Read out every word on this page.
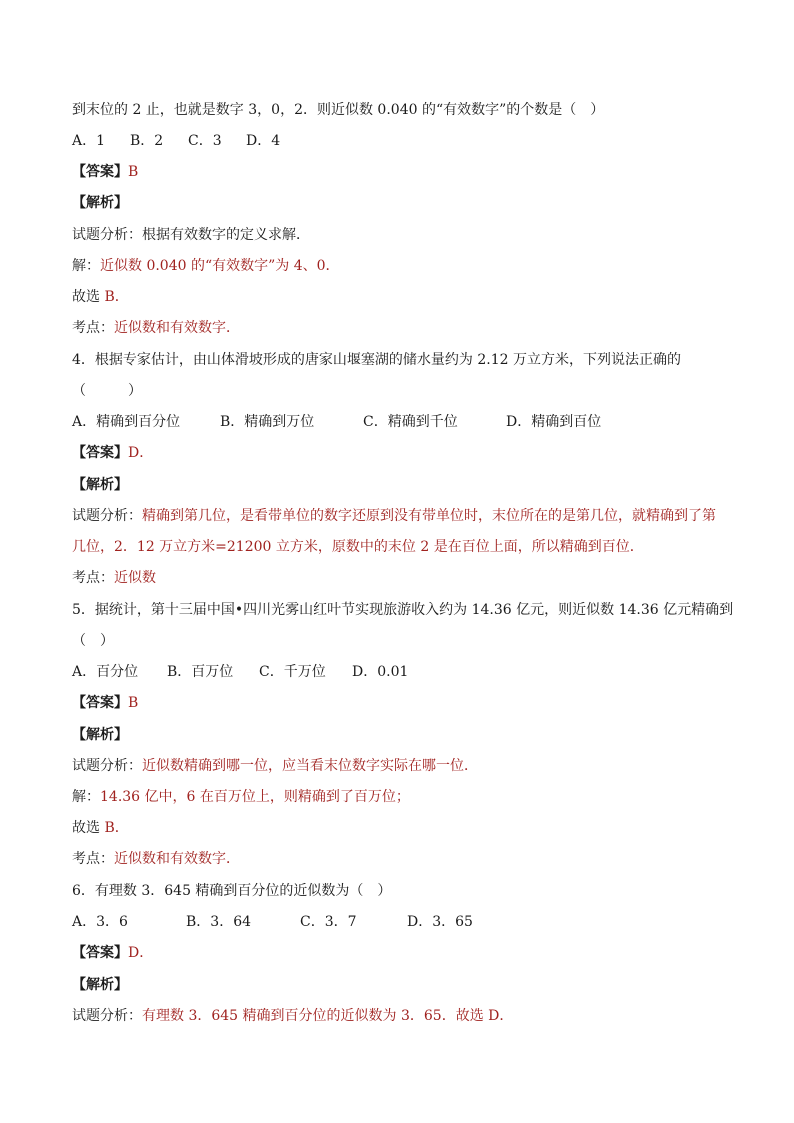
到末位的 2 止，也就是数字 3，0，2．则近似数 0.040 的“有效数字”的个数是（　）
A．1	B．2	C．3	D．4
【答案】B
【解析】
试题分析：根据有效数字的定义求解．
解：近似数 0.040 的“有效数字”为 4、0．
故选 B．
考点：近似数和有效数字．
4．根据专家估计，由山体滑坡形成的唐家山堰塞湖的储水量约为 2.12 万立方米，下列说法正确的
（　　　）
A．精确到百分位	B．精确到万位	C．精确到千位	D．精确到百位
【答案】D．
【解析】
试题分析：精确到第几位，是看带单位的数字还原到没有带单位时，末位所在的是第几位，就精确到了第
几位，2．12 万立方米=21200 立方米，原数中的末位 2 是在百位上面，所以精确到百位．
考点：近似数
5．据统计，第十三届中国•四川光雾山红叶节实现旅游收入约为 14.36 亿元，则近似数 14.36 亿元精确到
（　）
A．百分位	B．百万位	C．千万位	D．0.01
【答案】B
【解析】
试题分析：近似数精确到哪一位，应当看末位数字实际在哪一位．
解：14.36 亿中，6 在百万位上，则精确到了百万位；
故选 B．
考点：近似数和有效数字．
6．有理数 3．645 精确到百分位的近似数为（　）
A．3．6	B．3．64	C．3．7	D．3．65
【答案】D．
【解析】
试题分析：有理数 3．645 精确到百分位的近似数为 3．65．故选 D．
